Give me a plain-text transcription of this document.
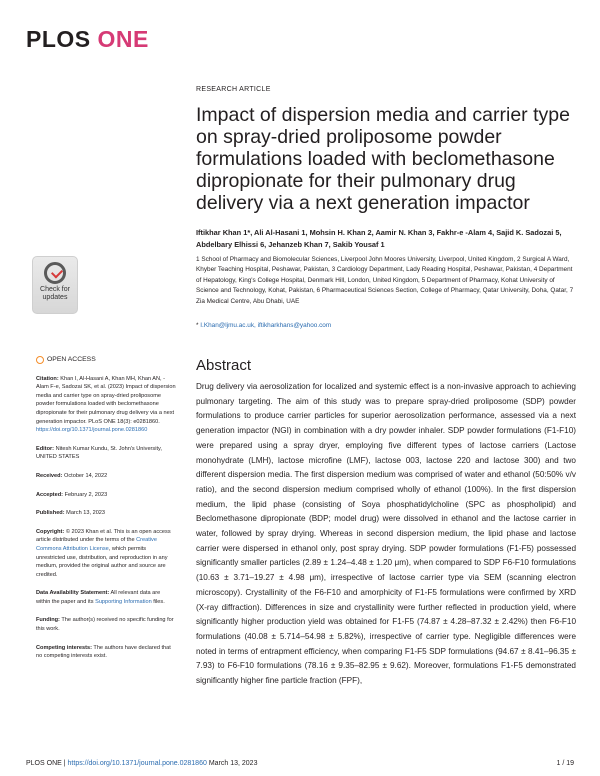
PLOS ONE
RESEARCH ARTICLE
Impact of dispersion media and carrier type on spray-dried proliposome powder formulations loaded with beclomethasone dipropionate for their pulmonary drug delivery via a next generation impactor
Iftikhar Khan 1*, Ali Al-Hasani 1, Mohsin H. Khan 2, Aamir N. Khan 3, Fakhr-e -Alam 4, Sajid K. Sadozai 5, Abdelbary Elhissi 6, Jehanzeb Khan 7, Sakib Yousaf 1
1 School of Pharmacy and Biomolecular Sciences, Liverpool John Moores University, Liverpool, United Kingdom, 2 Surgical A Ward, Khyber Teaching Hospital, Peshawar, Pakistan, 3 Cardiology Department, Lady Reading Hospital, Peshawar, Pakistan, 4 Department of Hepatology, King's College Hospital, Denmark Hill, London, United Kingdom, 5 Department of Pharmacy, Kohat University of Science and Technology, Kohat, Pakistan, 6 Pharmaceutical Sciences Section, College of Pharmacy, Qatar University, Doha, Qatar, 7 Zia Medical Centre, Abu Dhabi, UAE
* I.Khan@ljmu.ac.uk, iftikharkhans@yahoo.com
Abstract

Drug delivery via aerosolization for localized and systemic effect is a non-invasive approach to achieving pulmonary targeting. The aim of this study was to prepare spray-dried proliposome (SDP) powder formulations to produce carrier particles for superior aerosolization performance, assessed via a next generation impactor (NGI) in combination with a dry powder inhaler. SDP powder formulations (F1-F10) were prepared using a spray dryer, employing five different types of lactose carriers (Lactose monohydrate (LMH), lactose microfine (LMF), lactose 003, lactose 220 and lactose 300) and two different dispersion media. The first dispersion medium was comprised of water and ethanol (50:50% v/v ratio), and the second dispersion medium comprised wholly of ethanol (100%). In the first dispersion medium, the lipid phase (consisting of Soya phosphatidylcholine (SPC as phospholipid) and Beclomethasone dipropionate (BDP; model drug) were dissolved in ethanol and the lactose carrier in water, followed by spray drying. Whereas in second dispersion medium, the lipid phase and lactose carrier were dispersed in ethanol only, post spray drying. SDP powder formulations (F1-F5) possessed significantly smaller particles (2.89 ± 1.24–4.48 ± 1.20 μm), when compared to SDP F6-F10 formulations (10.63 ± 3.71–19.27 ± 4.98 μm), irrespective of lactose carrier type via SEM (scanning electron microscopy). Crystallinity of the F6-F10 and amorphicity of F1-F5 formulations were confirmed by XRD (X-ray diffraction). Differences in size and crystallinity were further reflected in production yield, where significantly higher production yield was obtained for F1-F5 (74.87 ± 4.28–87.32 ± 2.42%) then F6-F10 formulations (40.08 ± 5.714–54.98 ± 5.82%), irrespective of carrier type. Negligible differences were noted in terms of entrapment efficiency, when comparing F1-F5 SDP formulations (94.67 ± 8.41–96.35 ± 7.93) to F6-F10 formulations (78.16 ± 9.35–82.95 ± 9.62). Moreover, formulations F1-F5 demonstrated significantly higher fine particle fraction (FPF),

Check for
updates
OPEN ACCESS

Citation: Khan I, Al-Hasani A, Khan MH, Khan AN, -Alam F-e, Sadozai SK, et al. (2023) Impact of dispersion media and carrier type on spray-dried proliposome powder formulations loaded with beclomethasone dipropionate for their pulmonary drug delivery via a next generation impactor. PLoS ONE 18(3): e0281860. https://doi.org/10.1371/journal.pone.0281860

Editor: Nitesh Kumar Kundu, St. John's University, UNITED STATES

Received: October 14, 2022

Accepted: February 2, 2023

Published: March 13, 2023

Copyright: © 2023 Khan et al. This is an open access article distributed under the terms of the Creative Commons Attribution License, which permits unrestricted use, distribution, and reproduction in any medium, provided the original author and source are credited.

Data Availability Statement: All relevant data are within the paper and its Supporting Information files.

Funding: The author(s) received no specific funding for this work.

Competing interests: The authors have declared that no competing interests exist.

PLOS ONE | https://doi.org/10.1371/journal.pone.0281860 March 13, 2023	1 / 19
